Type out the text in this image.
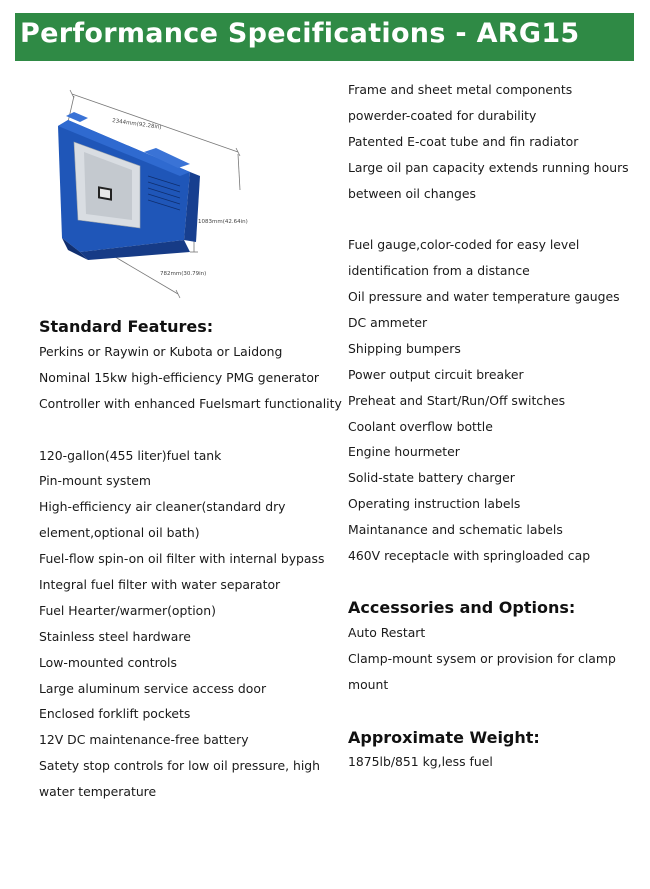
Performance Specifications - ARG15
2344mm(92.28in)
1083mm(42.64in)
782mm(30.79in)
Standard Features:
Perkins or Raywin or Kubota or Laidong
Nominal 15kw high-efficiency PMG generator
Controller with enhanced Fuelsmart functionality
120-gallon(455 liter)fuel tank
Pin-mount system
High-efficiency air cleaner(standard dry
element,optional oil bath)
Fuel-flow spin-on oil filter with internal bypass
Integral fuel filter with water separator
Fuel Hearter/warmer(option)
Stainless steel hardware
Low-mounted controls
Large aluminum service access door
Enclosed forklift pockets
12V DC maintenance-free battery
Satety stop controls for low oil pressure, high
water temperature
Frame and sheet metal components
powerder-coated for durability
Patented E-coat tube and fin radiator
Large oil pan capacity extends running hours
between oil changes
Fuel gauge,color-coded for easy level
identification from a distance
Oil pressure and water temperature gauges
DC ammeter
Shipping bumpers
Power output circuit breaker
Preheat and Start/Run/Off switches
Coolant overflow bottle
Engine hourmeter
Solid-state battery charger
Operating instruction labels
Maintanance and schematic labels
460V receptacle with springloaded cap
Accessories and Options:
Auto Restart
Clamp-mount sysem or provision for clamp
mount
Approximate Weight:
1875lb/851 kg,less fuel
